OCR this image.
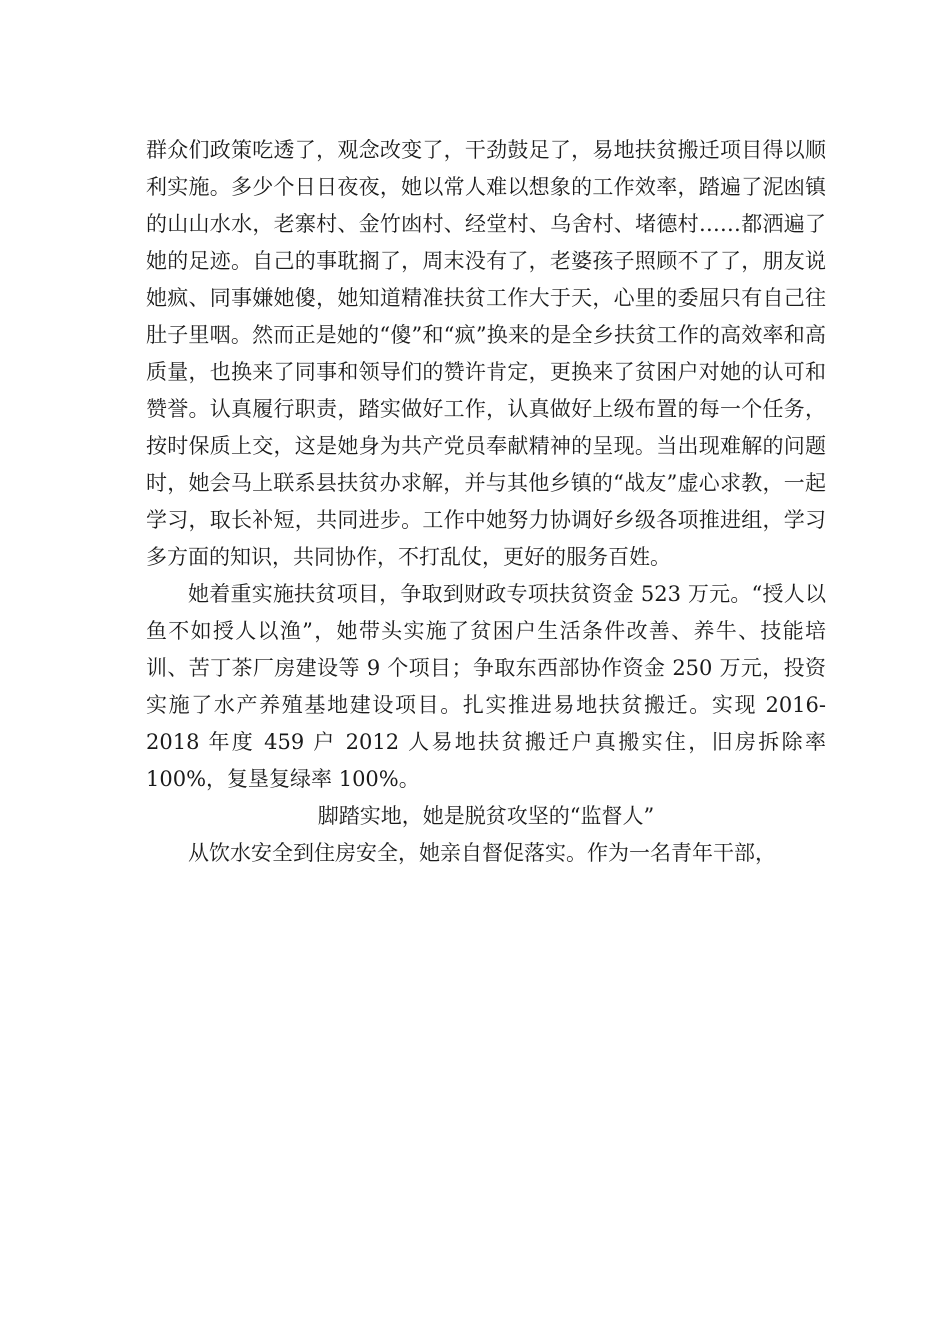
群众们政策吃透了，观念改变了，干劲鼓足了，易地扶贫搬迁项目得以顺利实施。多少个日日夜夜，她以常人难以想象的工作效率，踏遍了泥凼镇的山山水水，老寨村、金竹凼村、经堂村、乌舍村、堵德村……都洒遍了她的足迹。自己的事耽搁了，周末没有了，老婆孩子照顾不了了，朋友说她疯、同事嫌她傻，她知道精准扶贫工作大于天，心里的委屈只有自己往肚子里咽。然而正是她的“傻”和“疯”换来的是全乡扶贫工作的高效率和高质量，也换来了同事和领导们的赞许肯定，更换来了贫困户对她的认可和赞誉。认真履行职责，踏实做好工作，认真做好上级布置的每一个任务，按时保质上交，这是她身为共产党员奉献精神的呈现。当出现难解的问题时，她会马上联系县扶贫办求解，并与其他乡镇的“战友”虚心求教，一起学习，取长补短，共同进步。工作中她努力协调好乡级各项推进组，学习多方面的知识，共同协作，不打乱仗，更好的服务百姓。

她着重实施扶贫项目，争取到财政专项扶贫资金 523 万元。“授人以鱼不如授人以渔”，她带头实施了贫困户生活条件改善、养牛、技能培训、苦丁茶厂房建设等 9 个项目；争取东西部协作资金 250 万元，投资实施了水产养殖基地建设项目。扎实推进易地扶贫搬迁。实现 2016-2018 年度 459 户 2012 人易地扶贫搬迁户真搬实住，旧房拆除率 100%，复垦复绿率 100%。

脚踏实地，她是脱贫攻坚的“监督人”

从饮水安全到住房安全，她亲自督促落实。作为一名青年干部，
